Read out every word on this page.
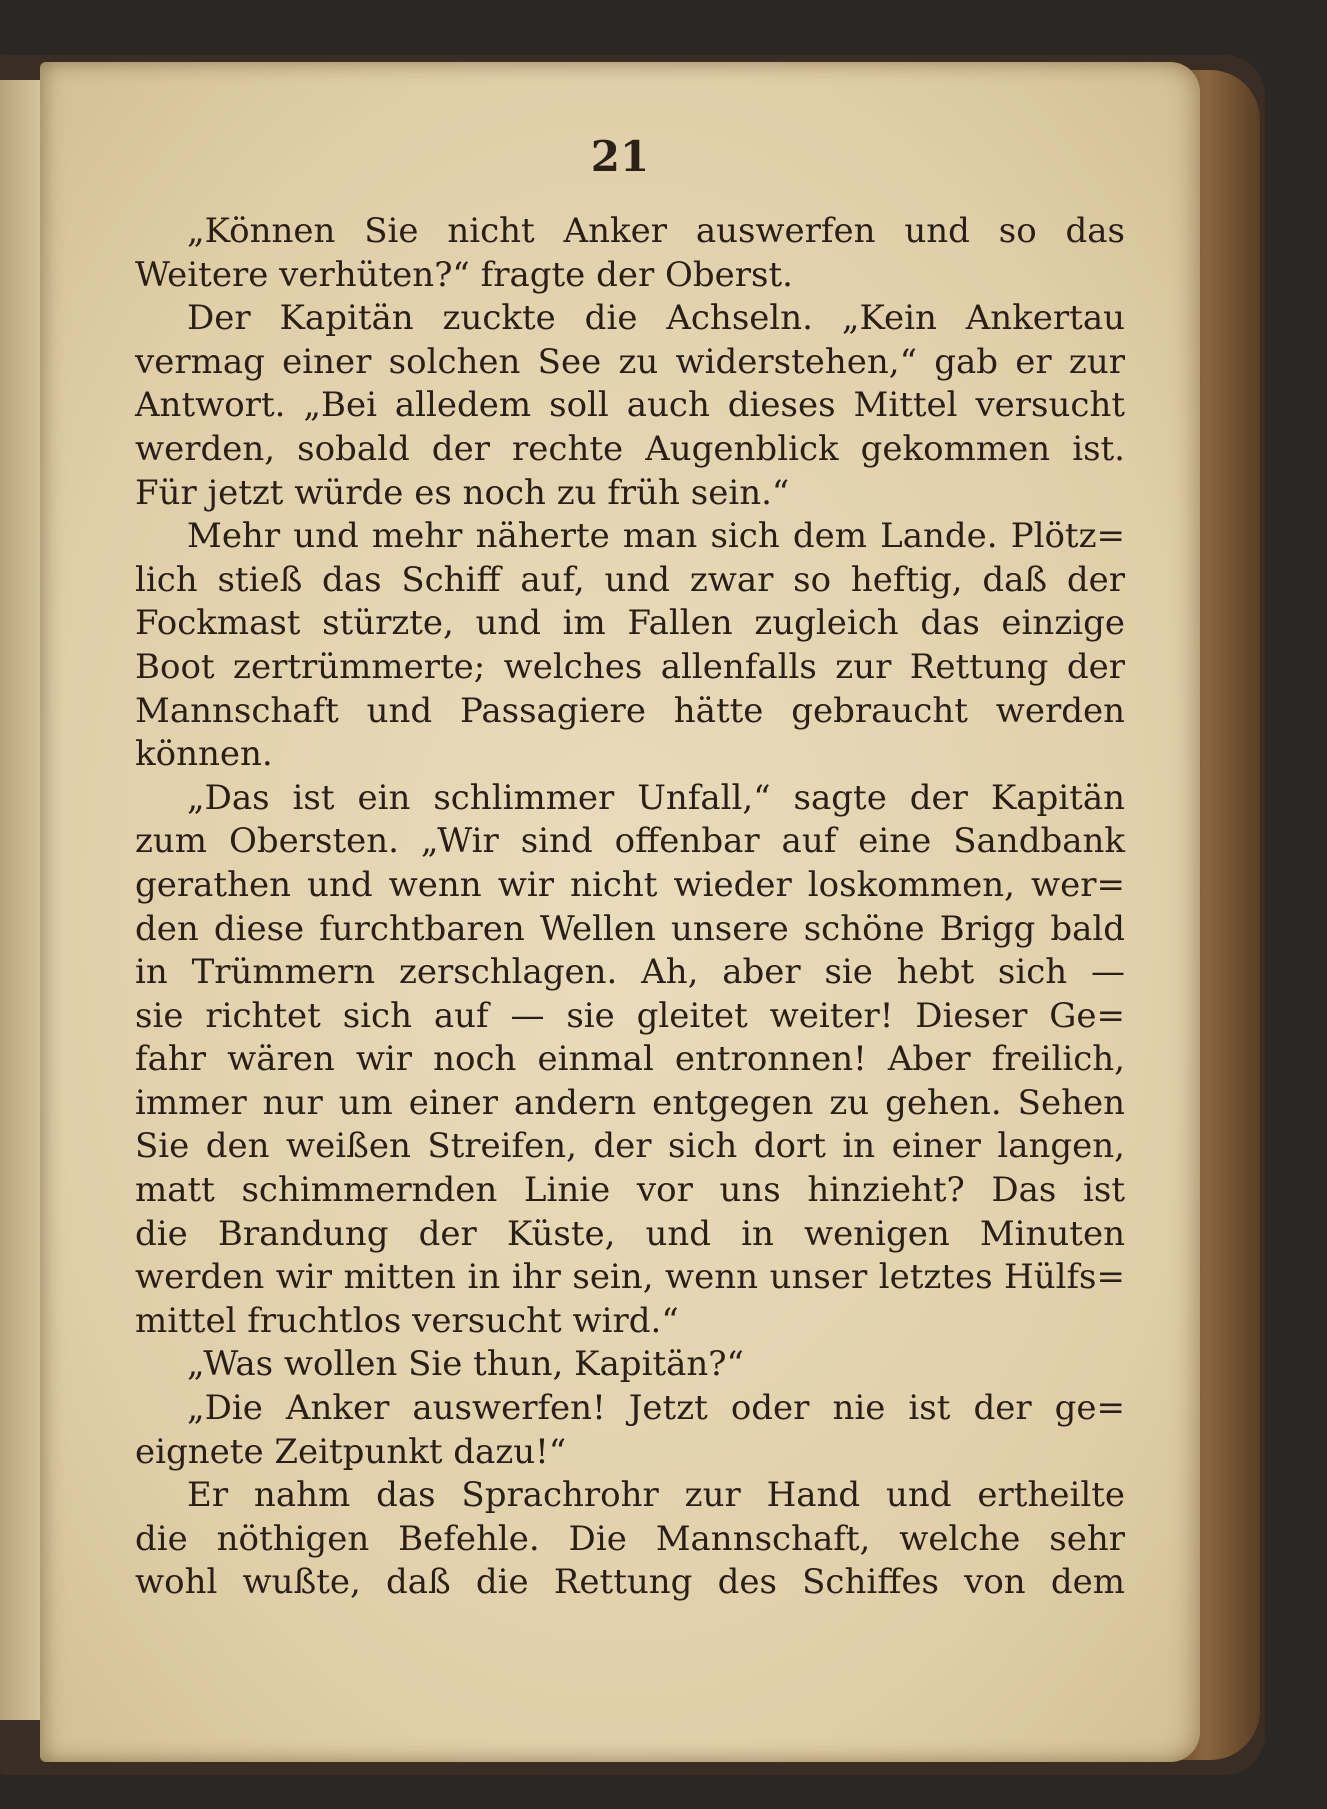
21
„Können Sie nicht Anker auswerfen und so das
Weitere verhüten?“ fragte der Oberst.
Der Kapitän zuckte die Achseln. „Kein Ankertau
vermag einer solchen See zu widerstehen,“ gab er zur
Antwort. „Bei alledem soll auch dieses Mittel versucht
werden, sobald der rechte Augenblick gekommen ist.
Für jetzt würde es noch zu früh sein.“
Mehr und mehr näherte man sich dem Lande. Plötz=
lich stieß das Schiff auf, und zwar so heftig, daß der
Fockmast stürzte, und im Fallen zugleich das einzige
Boot zertrümmerte; welches allenfalls zur Rettung der
Mannschaft und Passagiere hätte gebraucht werden
können.
„Das ist ein schlimmer Unfall,“ sagte der Kapitän
zum Obersten. „Wir sind offenbar auf eine Sandbank
gerathen und wenn wir nicht wieder loskommen, wer=
den diese furchtbaren Wellen unsere schöne Brigg bald
in Trümmern zerschlagen. Ah, aber sie hebt sich —
sie richtet sich auf — sie gleitet weiter! Dieser Ge=
fahr wären wir noch einmal entronnen! Aber freilich,
immer nur um einer andern entgegen zu gehen. Sehen
Sie den weißen Streifen, der sich dort in einer langen,
matt schimmernden Linie vor uns hinzieht? Das ist
die Brandung der Küste, und in wenigen Minuten
werden wir mitten in ihr sein, wenn unser letztes Hülfs=
mittel fruchtlos versucht wird.“
„Was wollen Sie thun, Kapitän?“
„Die Anker auswerfen! Jetzt oder nie ist der ge=
eignete Zeitpunkt dazu!“
Er nahm das Sprachrohr zur Hand und ertheilte
die nöthigen Befehle. Die Mannschaft, welche sehr
wohl wußte, daß die Rettung des Schiffes von dem
